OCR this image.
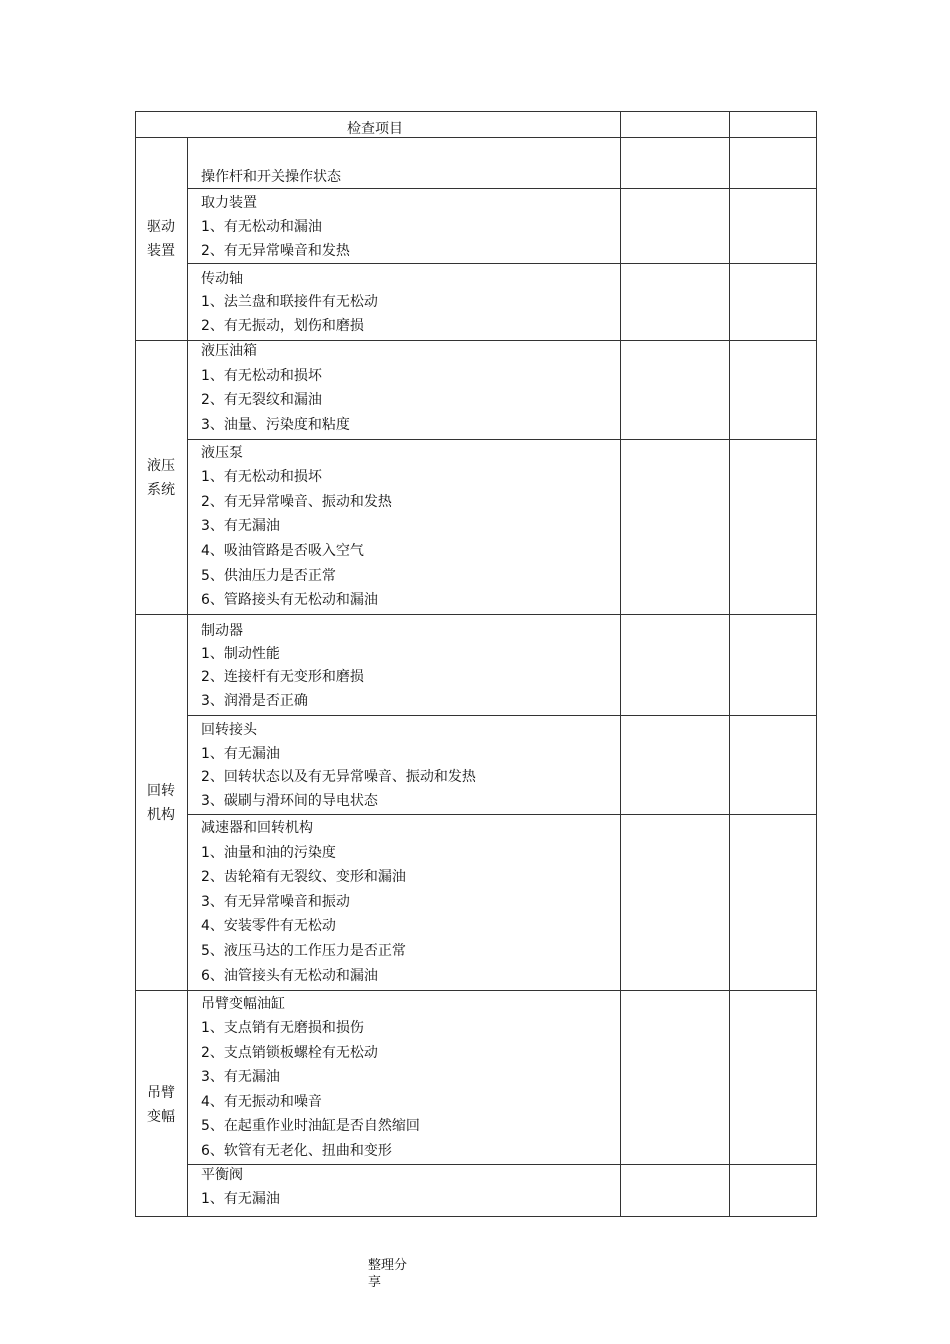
检查项目
驱动
装置
液压
系统
回转
机构
吊臂
变幅
操作杆和开关操作状态
取力装置
1、有无松动和漏油
2、有无异常噪音和发热
传动轴
1、法兰盘和联接件有无松动
2、有无振动，划伤和磨损
液压油箱
1、有无松动和损坏
2、有无裂纹和漏油
3、油量、污染度和粘度
液压泵
1、有无松动和损坏
2、有无异常噪音、振动和发热
3、有无漏油
4、吸油管路是否吸入空气
5、供油压力是否正常
6、管路接头有无松动和漏油
制动器
1、制动性能
2、连接杆有无变形和磨损
3、润滑是否正确
回转接头
1、有无漏油
2、回转状态以及有无异常噪音、振动和发热
3、碳刷与滑环间的导电状态
减速器和回转机构
1、油量和油的污染度
2、齿轮箱有无裂纹、变形和漏油
3、有无异常噪音和振动
4、安装零件有无松动
5、液压马达的工作压力是否正常
6、油管接头有无松动和漏油
吊臂变幅油缸
1、支点销有无磨损和损伤
2、支点销锁板螺栓有无松动
3、有无漏油
4、有无振动和噪音
5、在起重作业时油缸是否自然缩回
6、软管有无老化、扭曲和变形
平衡阀
1、有无漏油
整理分
享
